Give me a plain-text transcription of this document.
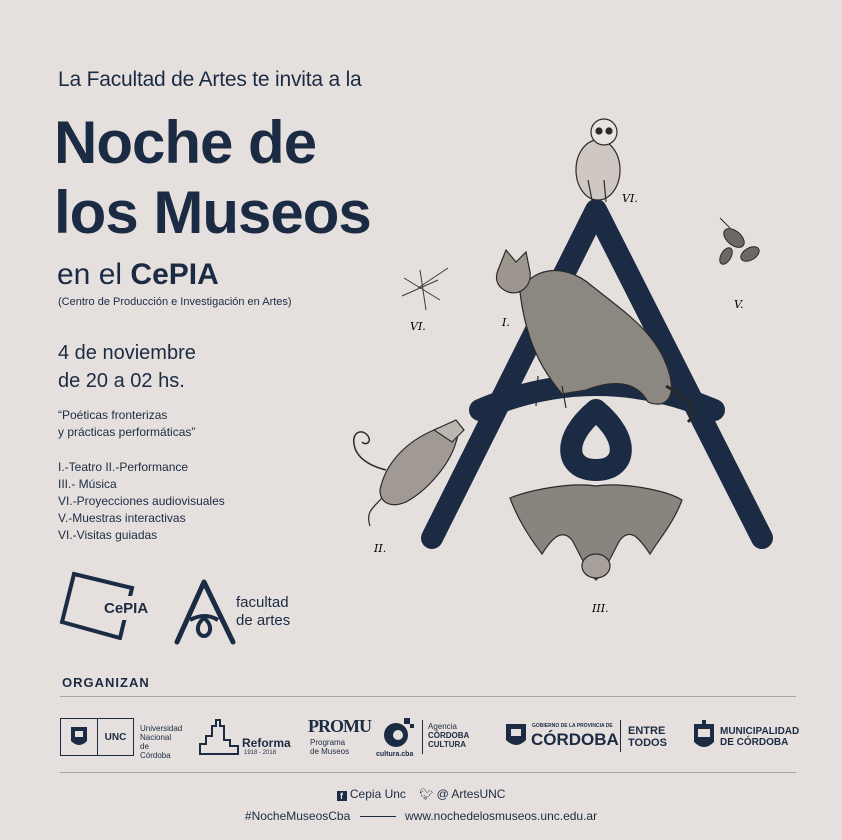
La Facultad de Artes te invita a la
Noche de
los Museos
en el CePIA
(Centro de Producción e Investigación en Artes)
4 de noviembre
de 20 a 02 hs.
“Poéticas fronterizas
y prácticas performáticas”
I.-Teatro II.-Performance
III.- Música
VI.-Proyecciones audiovisuales
V.-Muestras interactivas
VI.-Visitas guiadas
CePIA	facultad
de artes
VI.
V.
VI.	I.
II.
III.
ORGANIZAN
UNC
Universidad
Nacional
de Córdoba
Reforma
1918 - 2018
PROMU
Programa
de Museos	cultura.cba
Agencia
CÓRDOBA
CULTURA
GOBIERNO DE LA PROVINCIA DE
CÓRDOBA ENTRE
TODOS
MUNICIPALIDAD
DE CÓRDOBA
f Cepia Unc 🐦︎ @ ArtesUNC
#NocheMuseosCba	www.nochedelosmuseos.unc.edu.ar
